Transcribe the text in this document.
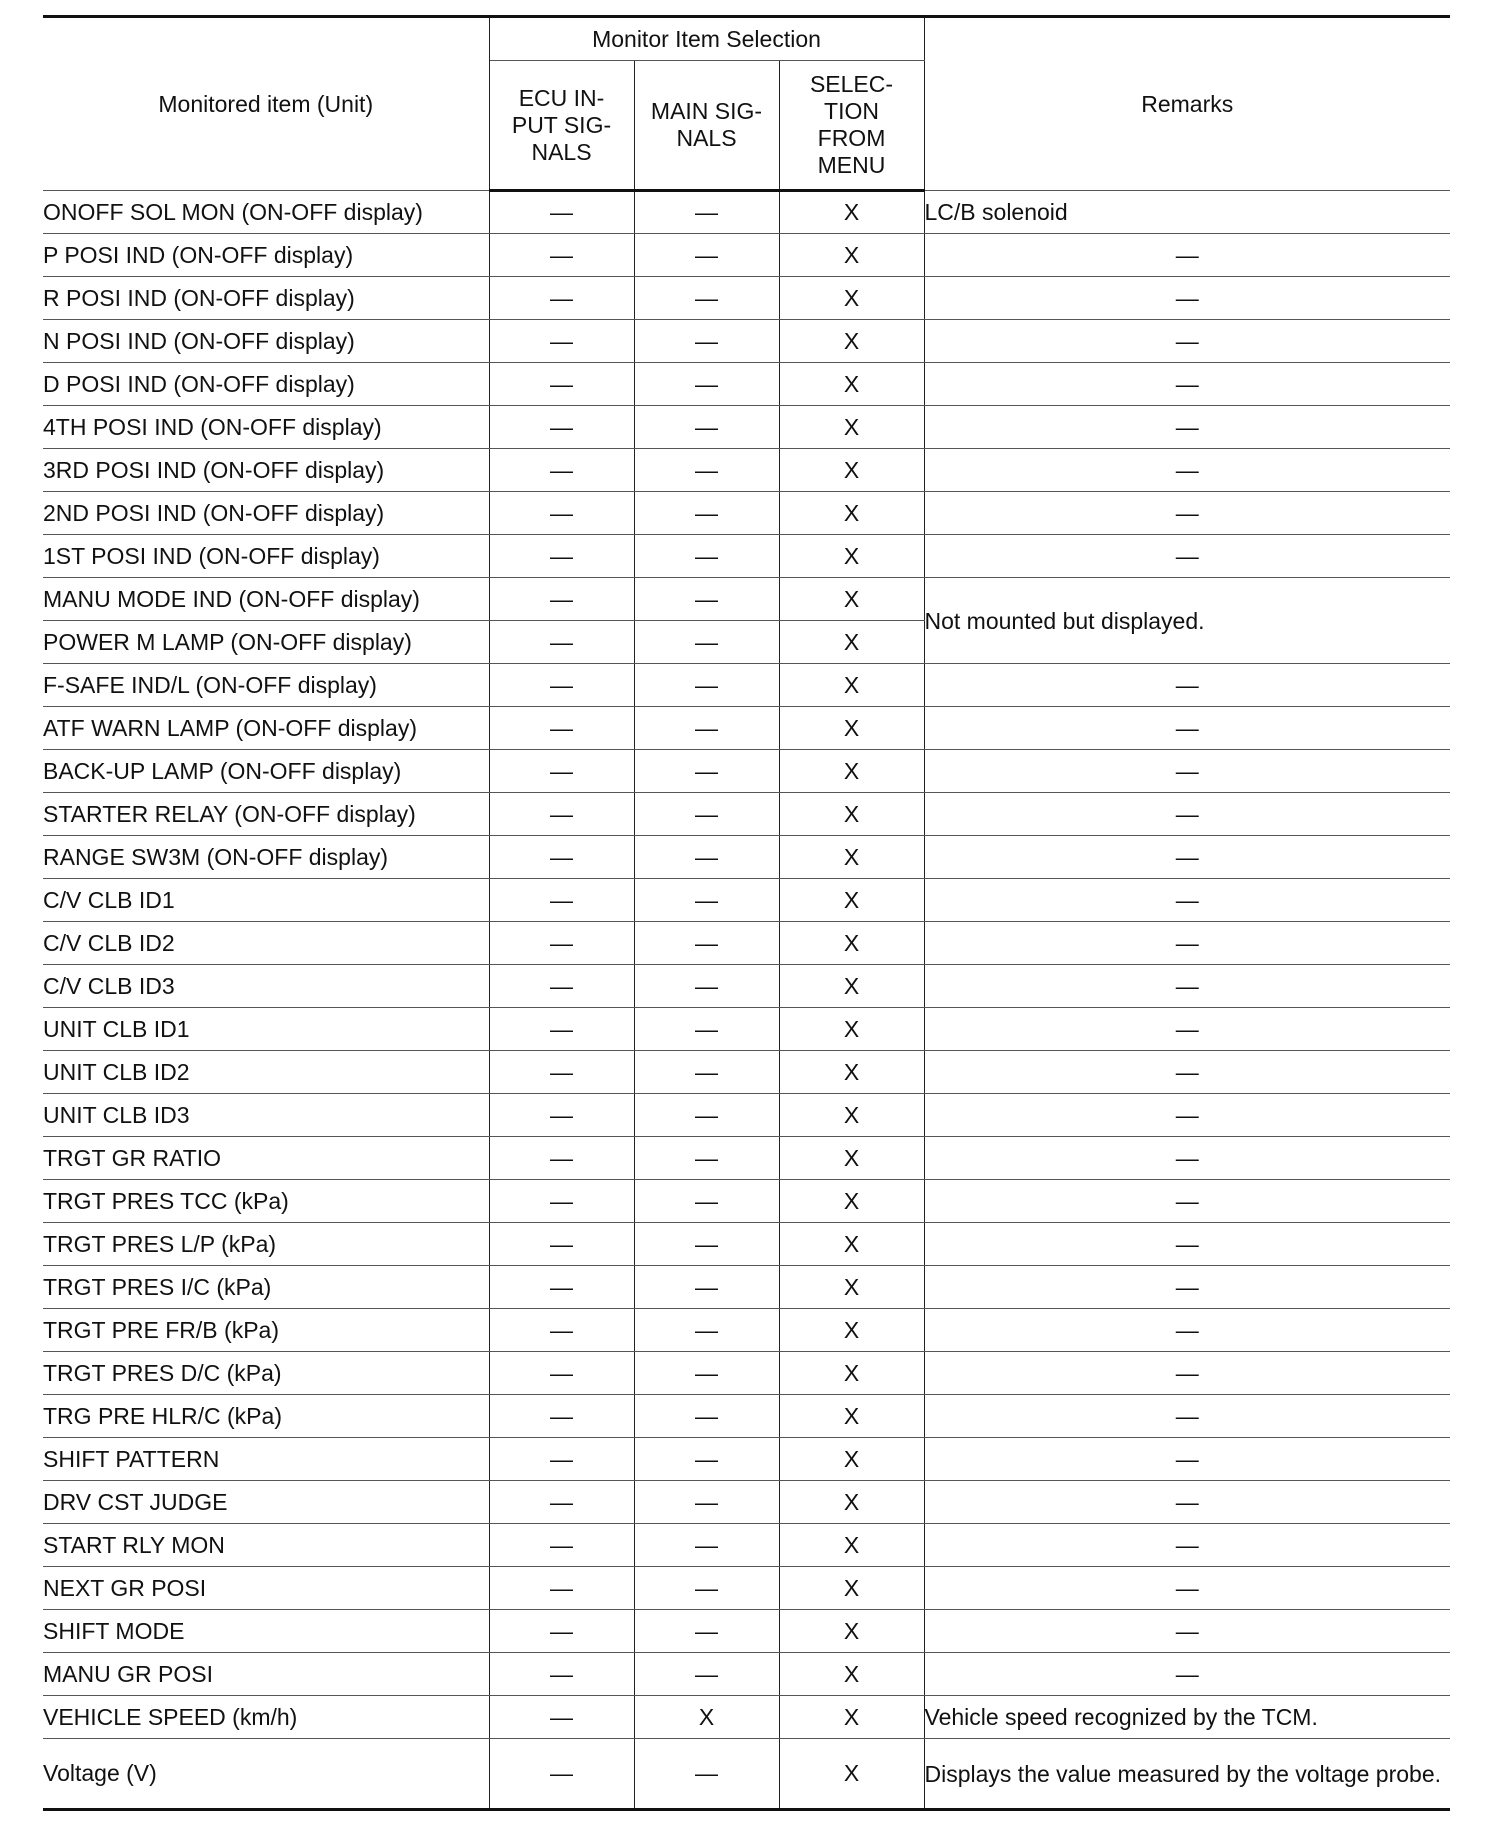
Monitored item (Unit)	Monitor Item Selection			Remarks
	ECU IN-
PUT SIG-
NALS	MAIN SIG-
NALS	SELEC-
TION
FROM
MENU	
ONOFF SOL MON (ON-OFF display)	—	—	X	LC/B solenoid
P POSI IND (ON-OFF display)	—	—	X	—
R POSI IND (ON-OFF display)	—	—	X	—
N POSI IND (ON-OFF display)	—	—	X	—
D POSI IND (ON-OFF display)	—	—	X	—
4TH POSI IND (ON-OFF display)	—	—	X	—
3RD POSI IND (ON-OFF display)	—	—	X	—
2ND POSI IND (ON-OFF display)	—	—	X	—
1ST POSI IND (ON-OFF display)	—	—	X	—
MANU MODE IND (ON-OFF display)	—	—	X	Not mounted but displayed.
POWER M LAMP (ON-OFF display)	—	—	X	
F-SAFE IND/L (ON-OFF display)	—	—	X	—
ATF WARN LAMP (ON-OFF display)	—	—	X	—
BACK-UP LAMP (ON-OFF display)	—	—	X	—
STARTER RELAY (ON-OFF display)	—	—	X	—
RANGE SW3M (ON-OFF display)	—	—	X	—
C/V CLB ID1	—	—	X	—
C/V CLB ID2	—	—	X	—
C/V CLB ID3	—	—	X	—
UNIT CLB ID1	—	—	X	—
UNIT CLB ID2	—	—	X	—
UNIT CLB ID3	—	—	X	—
TRGT GR RATIO	—	—	X	—
TRGT PRES TCC (kPa)	—	—	X	—
TRGT PRES L/P (kPa)	—	—	X	—
TRGT PRES I/C (kPa)	—	—	X	—
TRGT PRE FR/B (kPa)	—	—	X	—
TRGT PRES D/C (kPa)	—	—	X	—
TRG PRE HLR/C (kPa)	—	—	X	—
SHIFT PATTERN	—	—	X	—
DRV CST JUDGE	—	—	X	—
START RLY MON	—	—	X	—
NEXT GR POSI	—	—	X	—
SHIFT MODE	—	—	X	—
MANU GR POSI	—	—	X	—
VEHICLE SPEED (km/h)	—	X	X	Vehicle speed recognized by the TCM.
Voltage (V)	—	—	X	Displays the value measured by the voltage probe.
